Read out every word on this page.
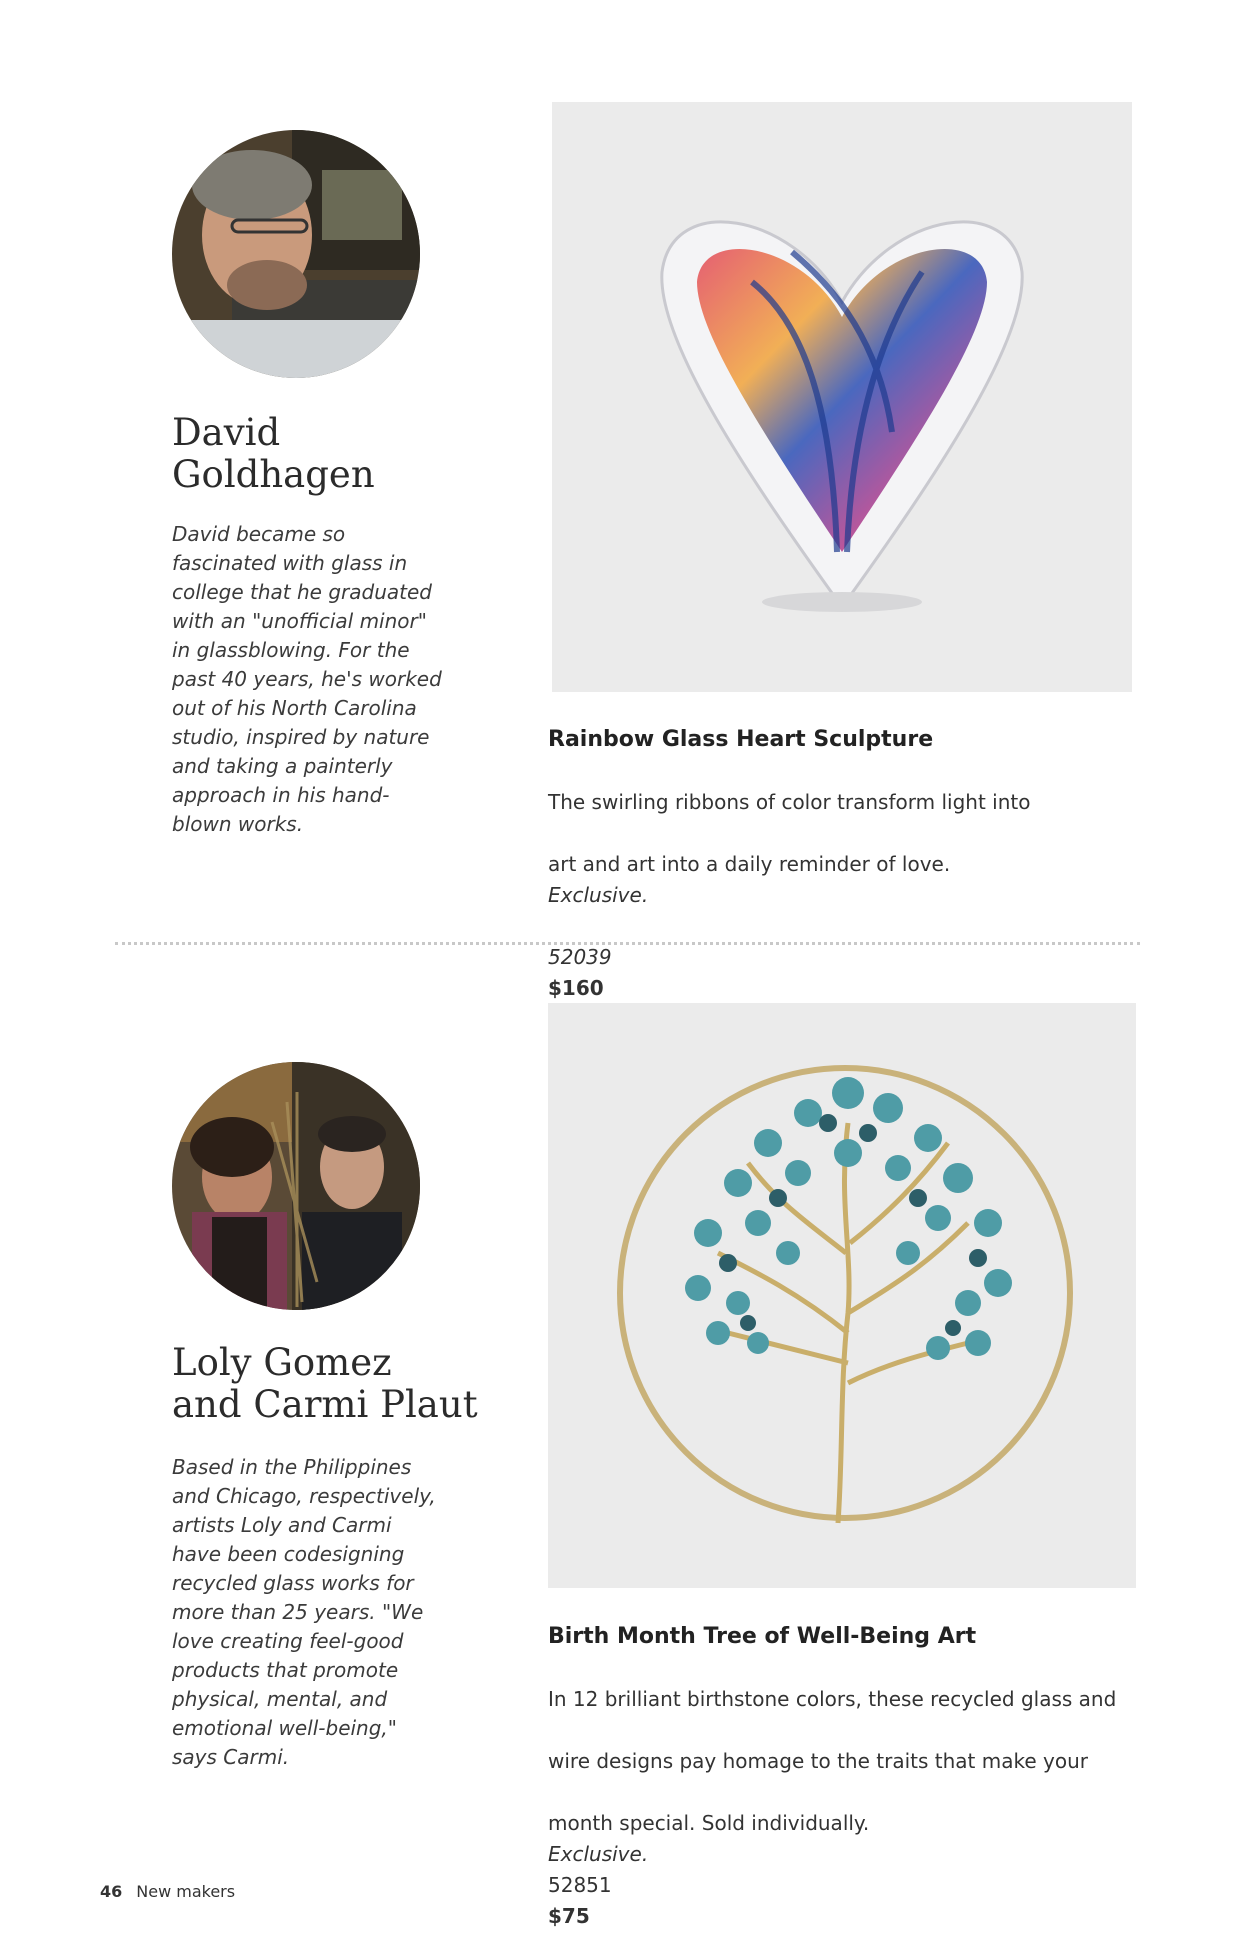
David
Goldhagen

David became so
fascinated with glass in
college that he graduated
with an "unofficial minor"
in glassblowing. For the
past 40 years, he's worked
out of his North Carolina
studio, inspired by nature
and taking a painterly
approach in his hand-
blown works.

Rainbow Glass Heart Sculpture

The swirling ribbons of color transform light into

art and art into a daily reminder of love.
Exclusive.

52039
$160

Loly Gomez
and Carmi Plaut

Based in the Philippines
and Chicago, respectively,
artists Loly and Carmi
have been codesigning
recycled glass works for
more than 25 years. "We
love creating feel-good
products that promote
physical, mental, and
emotional well-being,"
says Carmi.

Birth Month Tree of Well-Being Art

In 12 brilliant birthstone colors, these recycled glass and

wire designs pay homage to the traits that make your

month special. Sold individually.
Exclusive.
52851
$75

46 New makers
